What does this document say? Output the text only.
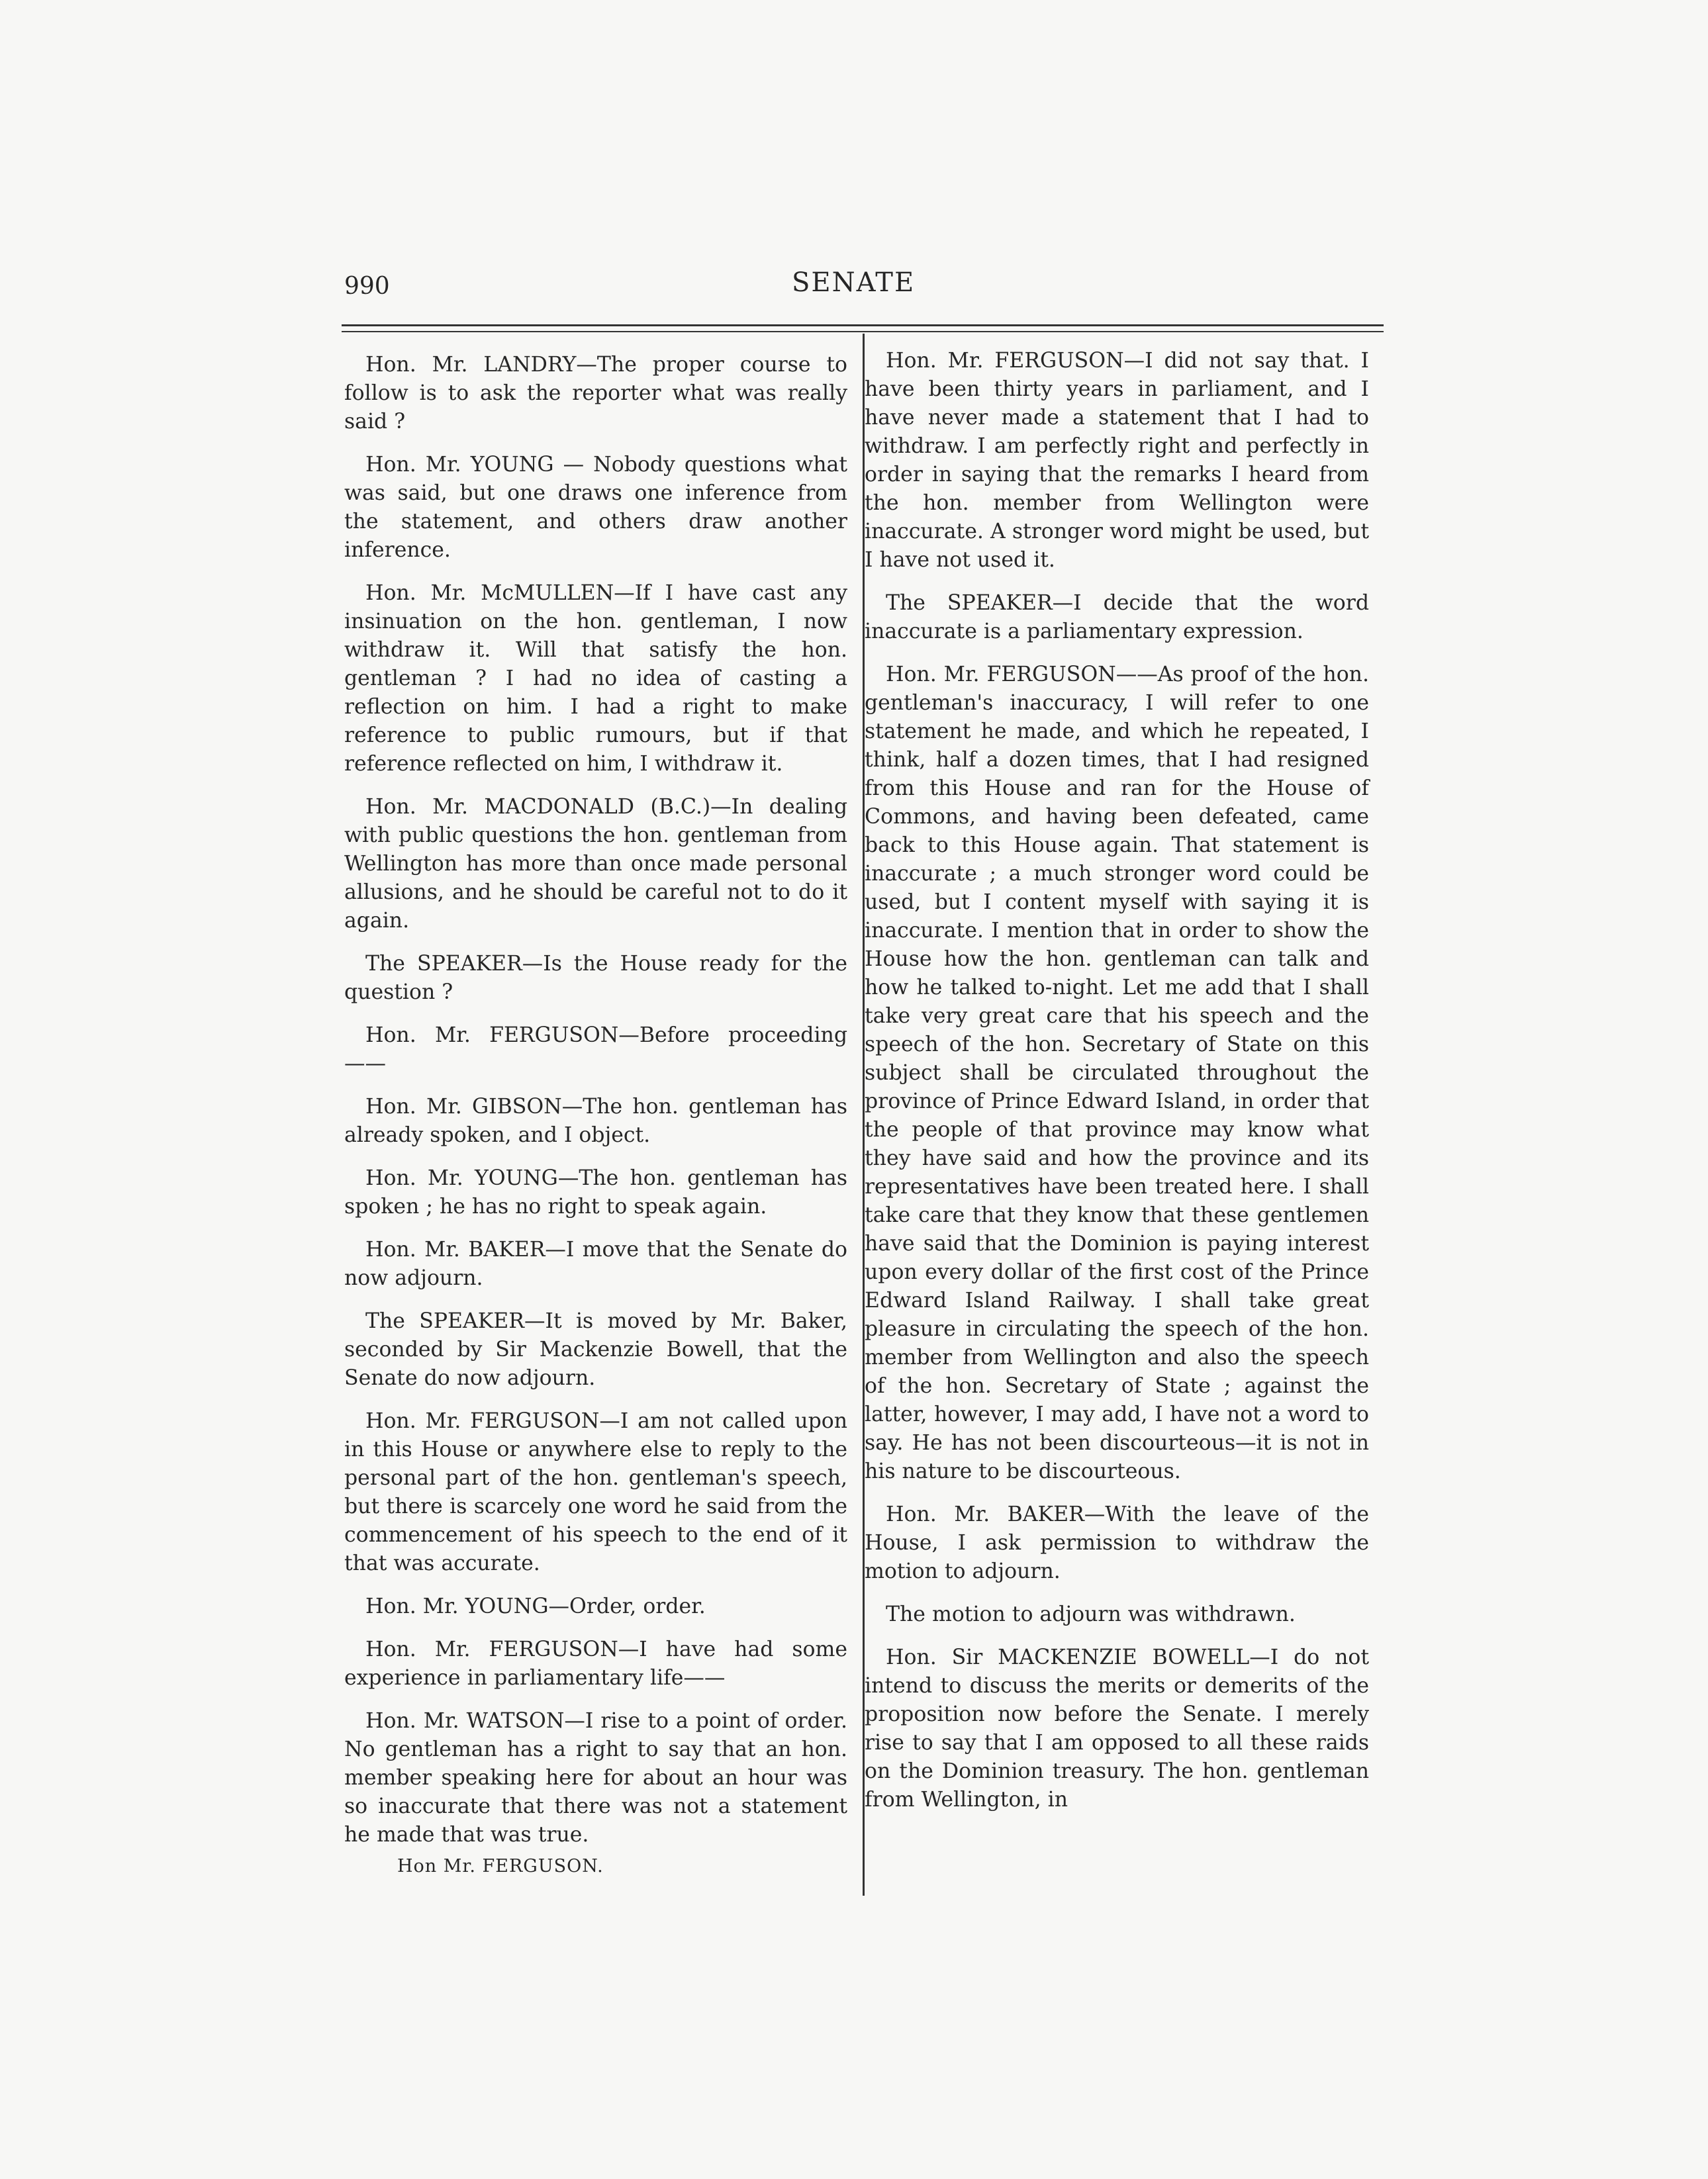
990	SENATE

Hon. Mr. LANDRY—The proper course to follow is to ask the reporter what was really said ?

Hon. Mr. YOUNG — Nobody questions what was said, but one draws one inference from the statement, and others draw another inference.

Hon. Mr. McMULLEN—If I have cast any insinuation on the hon. gentleman, I now withdraw it. Will that satisfy the hon. gentleman ? I had no idea of casting a reflection on him. I had a right to make reference to public rumours, but if that reference reflected on him, I withdraw it.

Hon. Mr. MACDONALD (B.C.)—In dealing with public questions the hon. gentleman from Wellington has more than once made personal allusions, and he should be careful not to do it again.

The SPEAKER—Is the House ready for the question ?

Hon. Mr. FERGUSON—Before proceeding——

Hon. Mr. GIBSON—The hon. gentleman has already spoken, and I object.

Hon. Mr. YOUNG—The hon. gentleman has spoken ; he has no right to speak again.

Hon. Mr. BAKER—I move that the Senate do now adjourn.

The SPEAKER—It is moved by Mr. Baker, seconded by Sir Mackenzie Bowell, that the Senate do now adjourn.

Hon. Mr. FERGUSON—I am not called upon in this House or anywhere else to reply to the personal part of the hon. gentleman's speech, but there is scarcely one word he said from the commencement of his speech to the end of it that was accurate.

Hon. Mr. YOUNG—Order, order.

Hon. Mr. FERGUSON—I have had some experience in parliamentary life——

Hon. Mr. WATSON—I rise to a point of order. No gentleman has a right to say that an hon. member speaking here for about an hour was so inaccurate that there was not a statement he made that was true.

Hon Mr. FERGUSON.

Hon. Mr. FERGUSON—I did not say that. I have been thirty years in parliament, and I have never made a statement that I had to withdraw. I am perfectly right and perfectly in order in saying that the remarks I heard from the hon. member from Wellington were inaccurate. A stronger word might be used, but I have not used it.

The SPEAKER—I decide that the word inaccurate is a parliamentary expression.

Hon. Mr. FERGUSON——As proof of the hon. gentleman's inaccuracy, I will refer to one statement he made, and which he repeated, I think, half a dozen times, that I had resigned from this House and ran for the House of Commons, and having been defeated, came back to this House again. That statement is inaccurate ; a much stronger word could be used, but I content myself with saying it is inaccurate. I mention that in order to show the House how the hon. gentleman can talk and how he talked to-night. Let me add that I shall take very great care that his speech and the speech of the hon. Secretary of State on this subject shall be circulated throughout the province of Prince Edward Island, in order that the people of that province may know what they have said and how the province and its representatives have been treated here. I shall take care that they know that these gentlemen have said that the Dominion is paying interest upon every dollar of the first cost of the Prince Edward Island Railway. I shall take great pleasure in circulating the speech of the hon. member from Wellington and also the speech of the hon. Secretary of State ; against the latter, however, I may add, I have not a word to say. He has not been discourteous—it is not in his nature to be discourteous.

Hon. Mr. BAKER—With the leave of the House, I ask permission to withdraw the motion to adjourn.

The motion to adjourn was withdrawn.

Hon. Sir MACKENZIE BOWELL—I do not intend to discuss the merits or demerits of the proposition now before the Senate. I merely rise to say that I am opposed to all these raids on the Dominion treasury. The hon. gentleman from Wellington, in
